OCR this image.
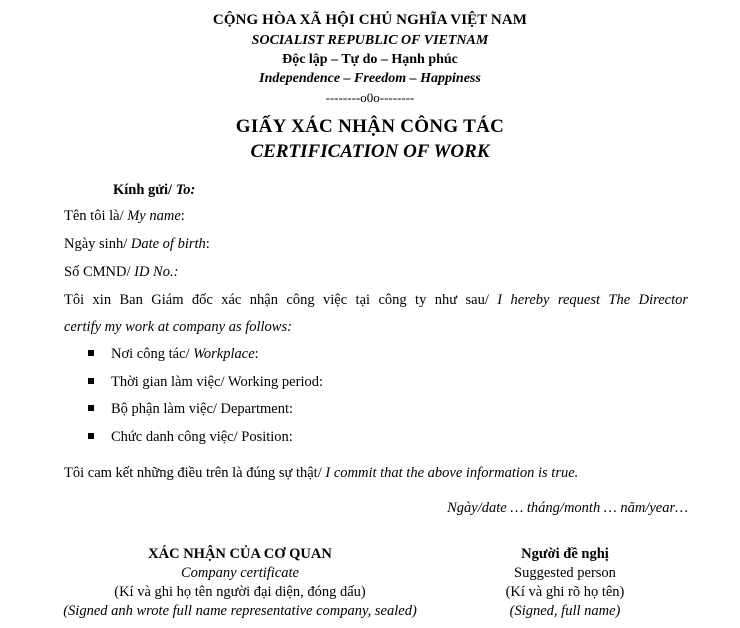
CỘNG HÒA XÃ HỘI CHỦ NGHĨA VIỆT NAM
SOCIALIST REPUBLIC OF VIETNAM
Độc lập – Tự do – Hạnh phúc
Independence – Freedom – Happiness
--------o0o--------
GIẤY XÁC NHẬN CÔNG TÁC
CERTIFICATION OF WORK
Kính gửi/ To:
Tên tôi là/ My name:
Ngày sinh/ Date of birth:
Số CMND/ ID No.:
Tôi xin Ban Giám đốc xác nhận công việc tại công ty như sau/ I hereby request The Director
certify my work at company as follows:
Nơi công tác/ Workplace:
Thời gian làm việc/ Working period:
Bộ phận làm việc/ Department:
Chức danh công việc/ Position:
Tôi cam kết những điều trên là đúng sự thật/ I commit that the above information is true.
Ngày/date … tháng/month … năm/year…
XÁC NHẬN CỦA CƠ QUAN
Company certificate
(Kí và ghi họ tên người đại diện, đóng dấu)
(Signed anh wrote full name representative company, sealed)
Người đề nghị
Suggested person
(Kí và ghi rõ họ tên)
(Signed, full name)
